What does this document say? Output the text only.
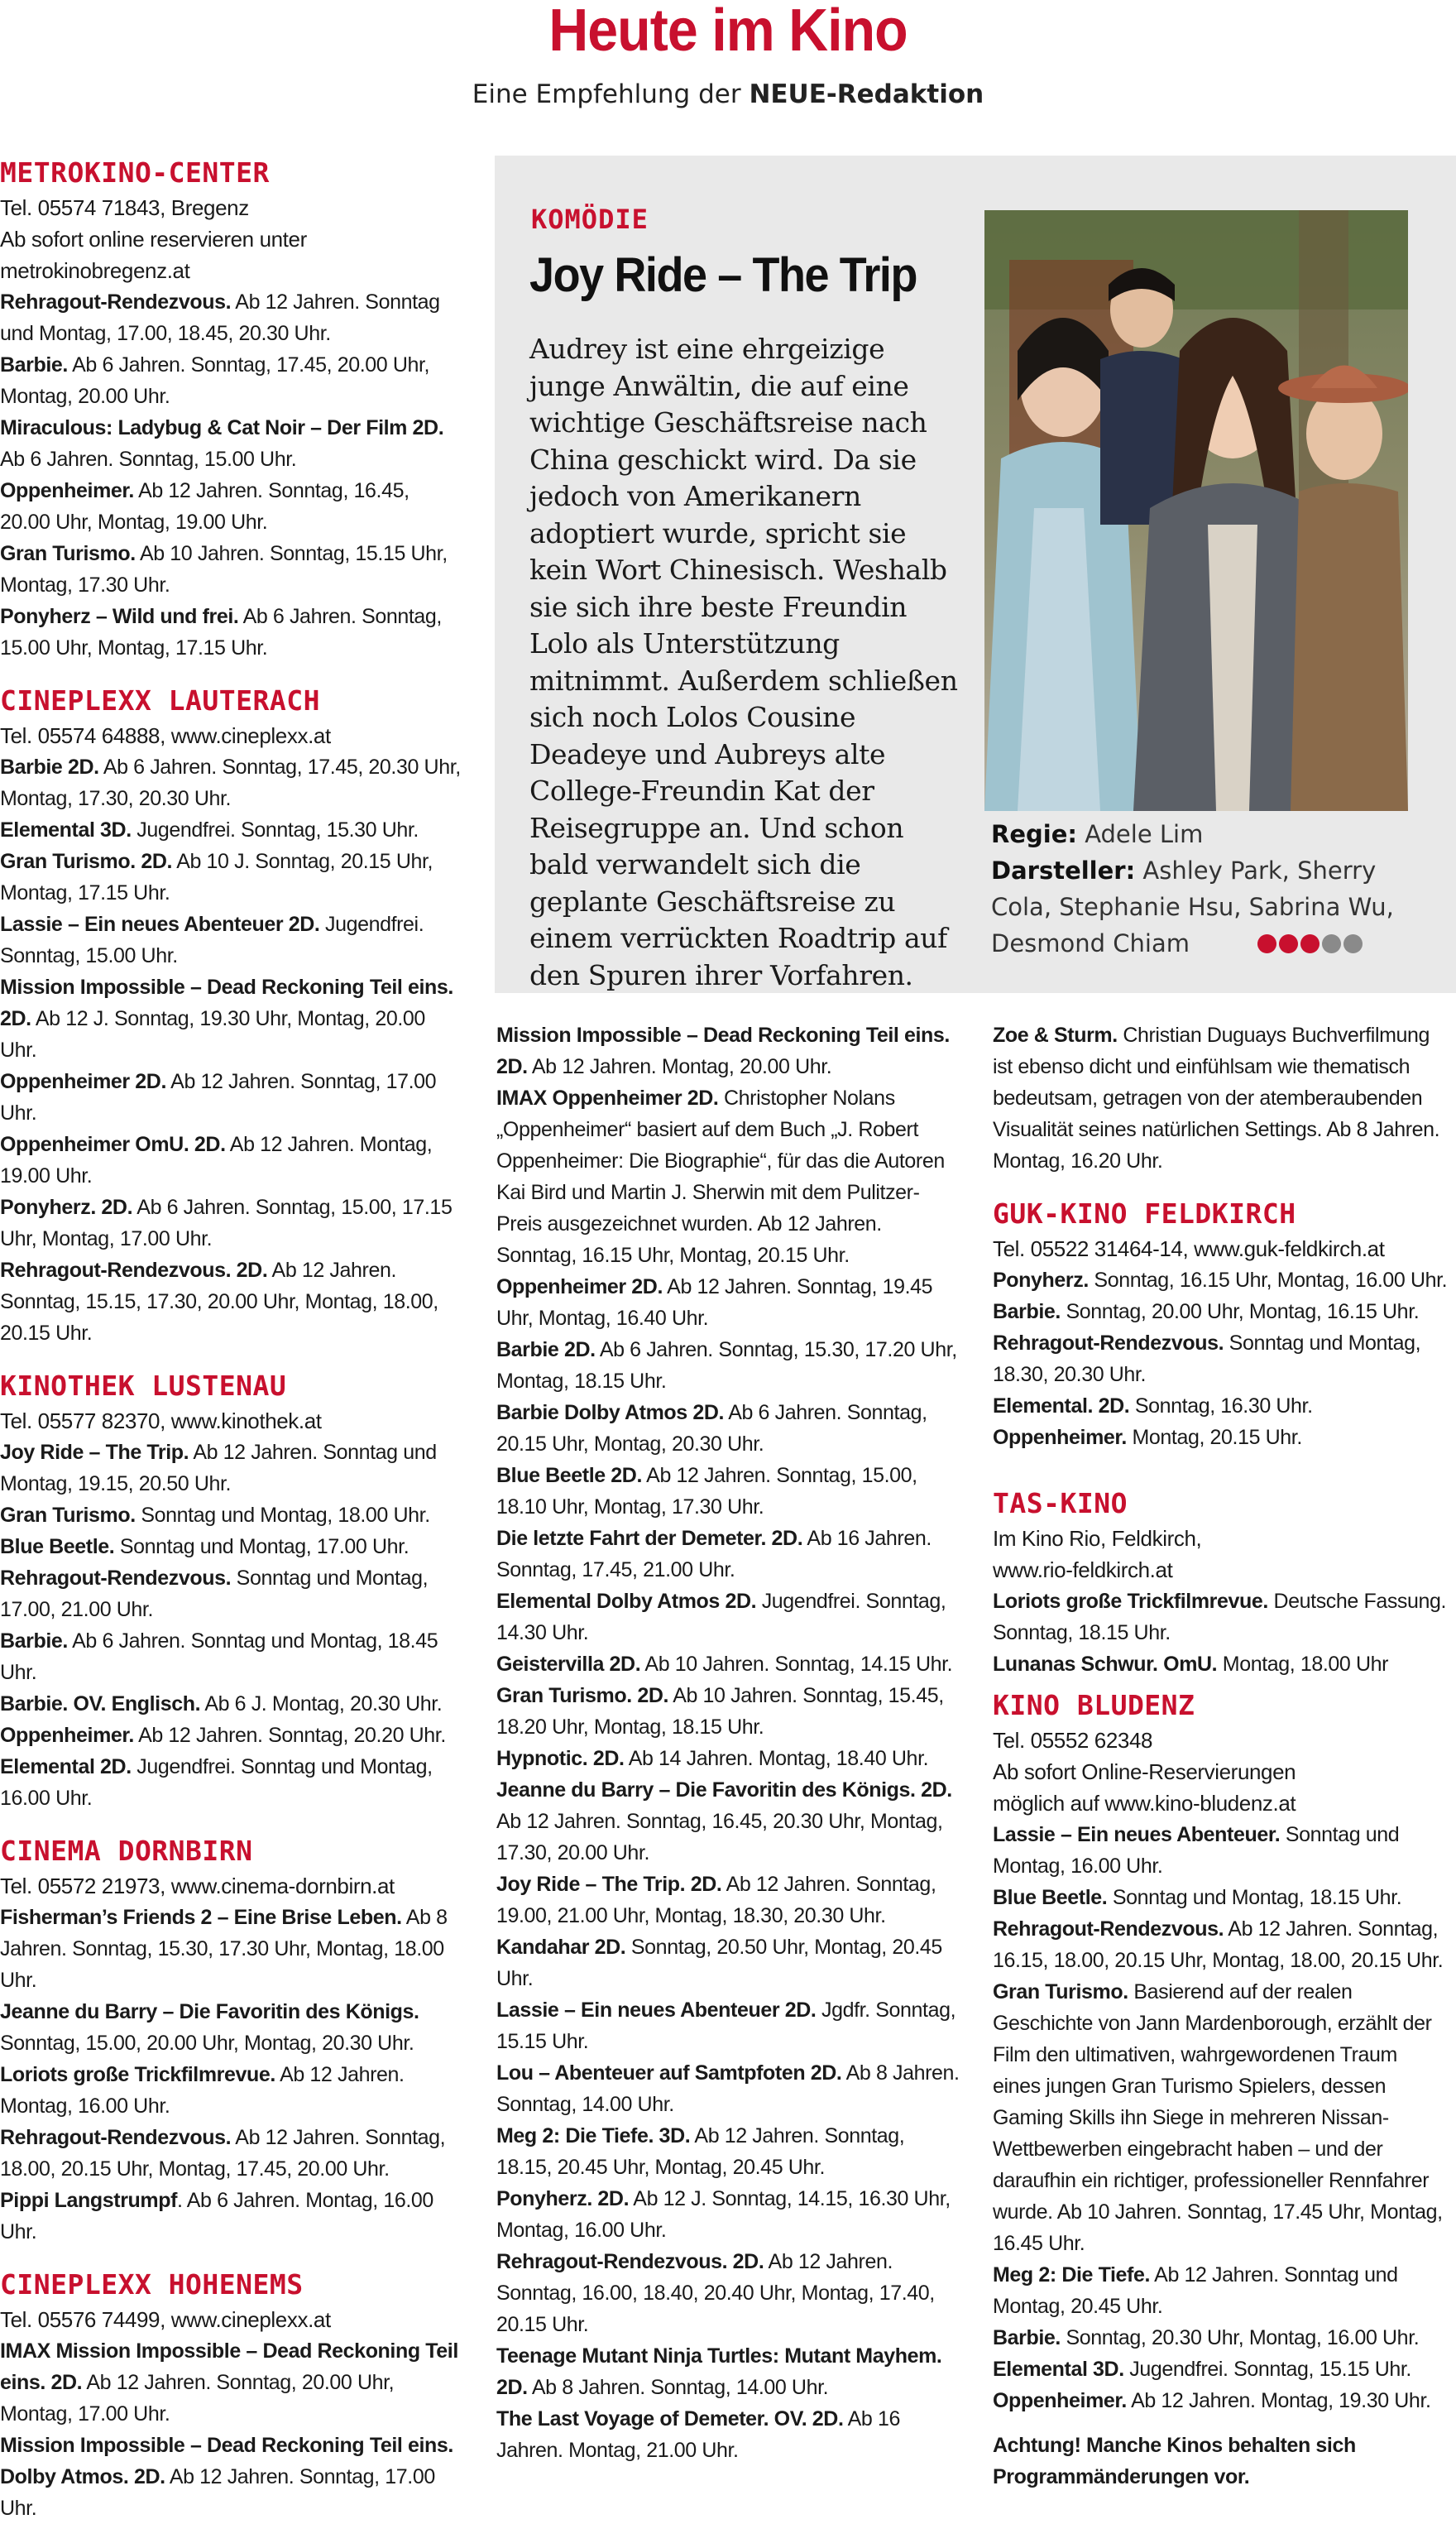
Heute im Kino
Eine Empfehlung der NEUE-Redaktion
KOMÖDIE
Joy Ride – The Trip
Audrey ist eine ehrgeizige junge Anwältin, die auf eine wichtige Geschäftsreise nach China geschickt wird. Da sie jedoch von Amerikanern adoptiert wurde, spricht sie kein Wort Chinesisch. Weshalb sie sich ihre beste Freundin Lolo als Unterstützung mitnimmt. Außerdem schließen sich noch Lolos Cousine Deadeye und Aubreys alte College-Freundin Kat der Reisegruppe an. Und schon bald verwandelt sich die geplante Geschäftsreise zu einem verrückten Roadtrip auf den Spuren ihrer Vorfahren.
Regie: Adele Lim
Darsteller: Ashley Park, Sherry Cola, Stephanie Hsu, Sabrina Wu, Desmond Chiam

METROKINO-CENTER

Tel. 05574 71843, Bregenz

Ab sofort online reservieren unter

metrokinobregenz.at

Rehragout-Rendezvous. Ab 12 Jahren. Sonntag und Montag, 17.00, 18.45, 20.30 Uhr.

Barbie. Ab 6 Jahren. Sonntag, 17.45, 20.00 Uhr, Montag, 20.00 Uhr.

Miraculous: Ladybug & Cat Noir – Der Film 2D. Ab 6 Jahren. Sonntag, 15.00 Uhr.

Oppenheimer. Ab 12 Jahren. Sonntag, 16.45, 20.00 Uhr, Montag, 19.00 Uhr.

Gran Turismo. Ab 10 Jahren. Sonntag, 15.15 Uhr, Montag, 17.30 Uhr.

Ponyherz – Wild und frei. Ab 6 Jahren. Sonntag, 15.00 Uhr, Montag, 17.15 Uhr.

CINEPLEXX LAUTERACH

Tel. 05574 64888, www.cineplexx.at

Barbie 2D. Ab 6 Jahren. Sonntag, 17.45, 20.30 Uhr, Montag, 17.30, 20.30 Uhr.

Elemental 3D. Jugendfrei. Sonntag, 15.30 Uhr.

Gran Turismo. 2D. Ab 10 J. Sonntag, 20.15 Uhr, Montag, 17.15 Uhr.

Lassie – Ein neues Abenteuer 2D. Jugendfrei. Sonntag, 15.00 Uhr.

Mission Impossible – Dead Reckoning Teil eins. 2D. Ab 12 J. Sonntag, 19.30 Uhr, Montag, 20.00 Uhr.

Oppenheimer 2D. Ab 12 Jahren. Sonntag, 17.00 Uhr.

Oppenheimer OmU. 2D. Ab 12 Jahren. Montag, 19.00 Uhr.

Ponyherz. 2D. Ab 6 Jahren. Sonntag, 15.00, 17.15 Uhr, Montag, 17.00 Uhr.

Rehragout-Rendezvous. 2D. Ab 12 Jahren. Sonntag, 15.15, 17.30, 20.00 Uhr, Montag, 18.00, 20.15 Uhr.

KINOTHEK LUSTENAU

Tel. 05577 82370, www.kinothek.at

Joy Ride – The Trip. Ab 12 Jahren. Sonntag und Montag, 19.15, 20.50 Uhr.

Gran Turismo. Sonntag und Montag, 18.00 Uhr.

Blue Beetle. Sonntag und Montag, 17.00 Uhr.

Rehragout-Rendezvous. Sonntag und Montag, 17.00, 21.00 Uhr.

Barbie. Ab 6 Jahren. Sonntag und Montag, 18.45 Uhr.

Barbie. OV. Englisch. Ab 6 J. Montag, 20.30 Uhr.

Oppenheimer. Ab 12 Jahren. Sonntag, 20.20 Uhr.

Elemental 2D. Jugendfrei. Sonntag und Montag, 16.00 Uhr.

CINEMA DORNBIRN

Tel. 05572 21973, www.cinema-dornbirn.at

Fisherman’s Friends 2 – Eine Brise Leben. Ab 8 Jahren. Sonntag, 15.30, 17.30 Uhr, Montag, 18.00 Uhr.

Jeanne du Barry – Die Favoritin des Königs. Sonntag, 15.00, 20.00 Uhr, Montag, 20.30 Uhr.

Loriots große Trickfilmrevue. Ab 12 Jahren. Montag, 16.00 Uhr.

Rehragout-Rendezvous. Ab 12 Jahren. Sonntag, 18.00, 20.15 Uhr, Montag, 17.45, 20.00 Uhr.

Pippi Langstrumpf. Ab 6 Jahren. Montag, 16.00 Uhr.

CINEPLEXX HOHENEMS

Tel. 05576 74499, www.cineplexx.at

IMAX Mission Impossible – Dead Reckoning Teil eins. 2D. Ab 12 Jahren. Sonntag, 20.00 Uhr, Montag, 17.00 Uhr.

Mission Impossible – Dead Reckoning Teil eins. Dolby Atmos. 2D. Ab 12 Jahren. Sonntag, 17.00 Uhr.

Mission Impossible – Dead Reckoning Teil eins. 2D. Ab 12 Jahren. Montag, 20.00 Uhr.

IMAX Oppenheimer 2D. Christopher Nolans „Oppenheimer“ basiert auf dem Buch „J. Robert Oppenheimer: Die Biographie“, für das die Autoren Kai Bird und Martin J. Sherwin mit dem Pulitzer-Preis ausgezeichnet wurden. Ab 12 Jahren. Sonntag, 16.15 Uhr, Montag, 20.15 Uhr.

Oppenheimer 2D. Ab 12 Jahren. Sonntag, 19.45 Uhr, Montag, 16.40 Uhr.

Barbie 2D. Ab 6 Jahren. Sonntag, 15.30, 17.20 Uhr, Montag, 18.15 Uhr.

Barbie Dolby Atmos 2D. Ab 6 Jahren. Sonntag, 20.15 Uhr, Montag, 20.30 Uhr.

Blue Beetle 2D. Ab 12 Jahren. Sonntag, 15.00, 18.10 Uhr, Montag, 17.30 Uhr.

Die letzte Fahrt der Demeter. 2D. Ab 16 Jahren. Sonntag, 17.45, 21.00 Uhr.

Elemental Dolby Atmos 2D. Jugendfrei. Sonntag, 14.30 Uhr.

Geistervilla 2D. Ab 10 Jahren. Sonntag, 14.15 Uhr.

Gran Turismo. 2D. Ab 10 Jahren. Sonntag, 15.45, 18.20 Uhr, Montag, 18.15 Uhr.

Hypnotic. 2D. Ab 14 Jahren. Montag, 18.40 Uhr.

Jeanne du Barry – Die Favoritin des Königs. 2D. Ab 12 Jahren. Sonntag, 16.45, 20.30 Uhr, Montag, 17.30, 20.00 Uhr.

Joy Ride – The Trip. 2D. Ab 12 Jahren. Sonntag, 19.00, 21.00 Uhr, Montag, 18.30, 20.30 Uhr.

Kandahar 2D. Sonntag, 20.50 Uhr, Montag, 20.45 Uhr.

Lassie – Ein neues Abenteuer 2D. Jgdfr. Sonntag, 15.15 Uhr.

Lou – Abenteuer auf Samtpfoten 2D. Ab 8 Jahren. Sonntag, 14.00 Uhr.

Meg 2: Die Tiefe. 3D. Ab 12 Jahren. Sonntag, 18.15, 20.45 Uhr, Montag, 20.45 Uhr.

Ponyherz. 2D. Ab 12 J. Sonntag, 14.15, 16.30 Uhr, Montag, 16.00 Uhr.

Rehragout-Rendezvous. 2D. Ab 12 Jahren. Sonntag, 16.00, 18.40, 20.40 Uhr, Montag, 17.40, 20.15 Uhr.

Teenage Mutant Ninja Turtles: Mutant Mayhem. 2D. Ab 8 Jahren. Sonntag, 14.00 Uhr.

The Last Voyage of Demeter. OV. 2D. Ab 16 Jahren. Montag, 21.00 Uhr.

Zoe & Sturm. Christian Duguays Buchverfilmung ist ebenso dicht und einfühlsam wie thematisch bedeutsam, getragen von der atemberaubenden Visualität seines natürlichen Settings. Ab 8 Jahren. Montag, 16.20 Uhr.

GUK-KINO FELDKIRCH

Tel. 05522 31464-14, www.guk-feldkirch.at

Ponyherz. Sonntag, 16.15 Uhr, Montag, 16.00 Uhr.

Barbie. Sonntag, 20.00 Uhr, Montag, 16.15 Uhr.

Rehragout-Rendezvous. Sonntag und Montag, 18.30, 20.30 Uhr.

Elemental. 2D. Sonntag, 16.30 Uhr.

Oppenheimer. Montag, 20.15 Uhr.

TAS-KINO

Im Kino Rio, Feldkirch,

www.rio-feldkirch.at

Loriots große Trickfilmrevue. Deutsche Fassung. Sonntag, 18.15 Uhr.

Lunanas Schwur. OmU. Montag, 18.00 Uhr

KINO BLUDENZ

Tel. 05552 62348

Ab sofort Online-Reservierungen

möglich auf www.kino-bludenz.at

Lassie – Ein neues Abenteuer. Sonntag und Montag, 16.00 Uhr.

Blue Beetle. Sonntag und Montag, 18.15 Uhr.

Rehragout-Rendezvous. Ab 12 Jahren. Sonntag, 16.15, 18.00, 20.15 Uhr, Montag, 18.00, 20.15 Uhr.

Gran Turismo. Basierend auf der realen Geschichte von Jann Mardenborough, erzählt der Film den ultimativen, wahrgewordenen Traum eines jungen Gran Turismo Spielers, dessen Gaming Skills ihn Siege in mehreren Nissan-Wettbewerben eingebracht haben – und der daraufhin ein richtiger, professioneller Rennfahrer wurde. Ab 10 Jahren. Sonntag, 17.45 Uhr, Montag, 16.45 Uhr.

Meg 2: Die Tiefe. Ab 12 Jahren. Sonntag und Montag, 20.45 Uhr.

Barbie. Sonntag, 20.30 Uhr, Montag, 16.00 Uhr.

Elemental 3D. Jugendfrei. Sonntag, 15.15 Uhr.

Oppenheimer. Ab 12 Jahren. Montag, 19.30 Uhr.

Achtung! Manche Kinos behalten sich Programmänderungen vor.
